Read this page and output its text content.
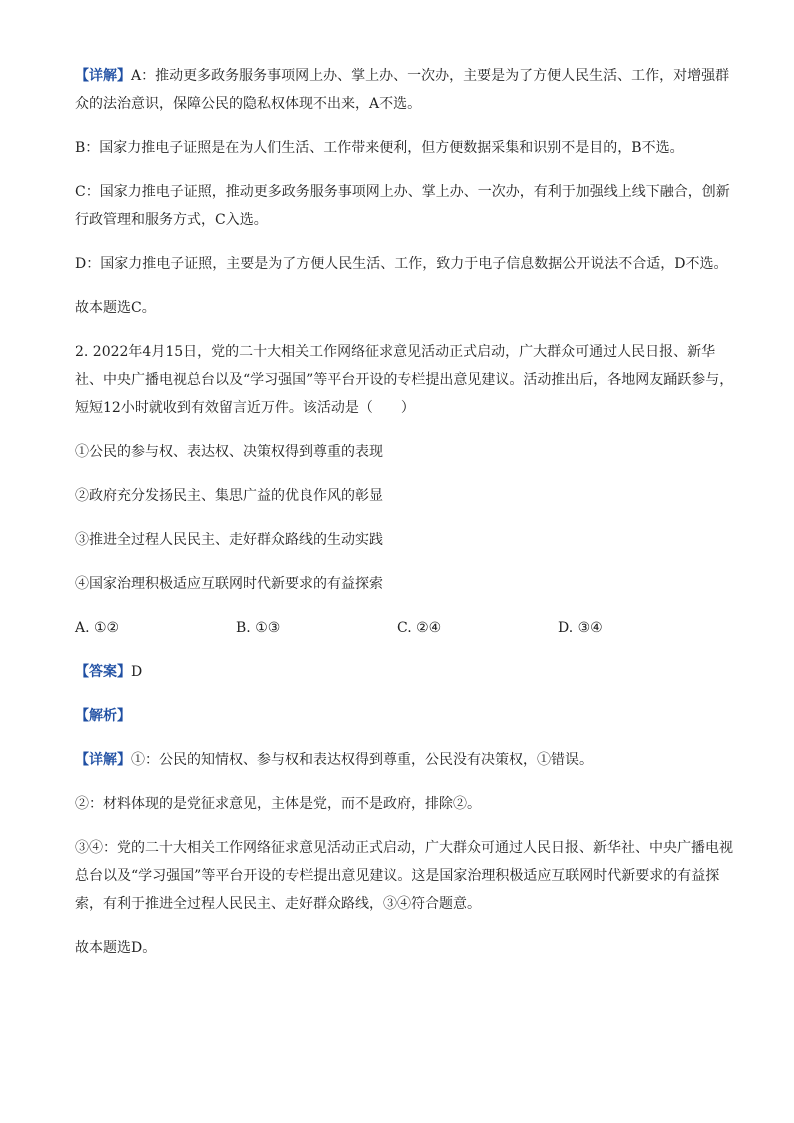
【详解】A：推动更多政务服务事项网上办、掌上办、一次办，主要是为了方便人民生活、工作，对增强群众的法治意识，保障公民的隐私权体现不出来，A不选。

B：国家力推电子证照是在为人们生活、工作带来便利，但方便数据采集和识别不是目的，B不选。

C：国家力推电子证照，推动更多政务服务事项网上办、掌上办、一次办，有利于加强线上线下融合，创新行政管理和服务方式，C入选。

D：国家力推电子证照，主要是为了方便人民生活、工作，致力于电子信息数据公开说法不合适，D不选。

故本题选C。

2. 2022年4月15日，党的二十大相关工作网络征求意见活动正式启动，广大群众可通过人民日报、新华社、中央广播电视总台以及“学习强国”等平台开设的专栏提出意见建议。活动推出后，各地网友踊跃参与，短短12小时就收到有效留言近万件。该活动是（　　）

①公民的参与权、表达权、决策权得到尊重的表现

②政府充分发扬民主、集思广益的优良作风的彰显

③推进全过程人民民主、走好群众路线的生动实践

④国家治理积极适应互联网时代新要求的有益探索

A. ①②	B. ①③	C. ②④	D. ③④

【答案】D

【解析】

【详解】①：公民的知情权、参与权和表达权得到尊重，公民没有决策权，①错误。

②：材料体现的是党征求意见，主体是党，而不是政府，排除②。

③④：党的二十大相关工作网络征求意见活动正式启动，广大群众可通过人民日报、新华社、中央广播电视总台以及“学习强国”等平台开设的专栏提出意见建议。这是国家治理积极适应互联网时代新要求的有益探索，有利于推进全过程人民民主、走好群众路线，③④符合题意。

故本题选D。
